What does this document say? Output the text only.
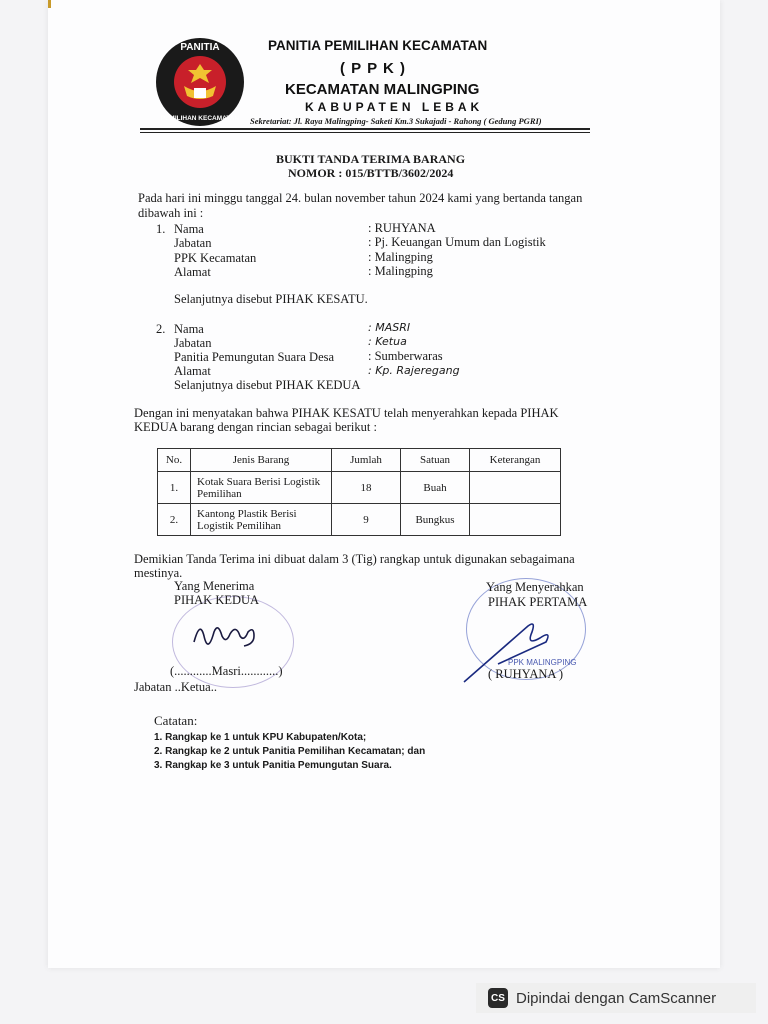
PANITIA
PEMILIHAN KECAMATAN
PANITIA PEMILIHAN KECAMATAN
( P P K )
KECAMATAN MALINGPING
KABUPATEN LEBAK
Sekretariat: Jl. Raya Malingping- Saketi Km.3 Sukajadi - Rahong ( Gedung PGRI)
BUKTI TANDA TERIMA BARANG
NOMOR : 015/BTTB/3602/2024
Pada hari ini minggu tanggal 24. bulan november tahun 2024 kami yang bertanda tangan
dibawah ini :
1. Nama	: RUHYANA
Jabatan	: Pj. Keuangan Umum dan Logistik
PPK Kecamatan	: Malingping
Alamat	: Malingping
Selanjutnya disebut PIHAK KESATU.
2. Nama	: MASRI
Jabatan	: Ketua
Panitia Pemungutan Suara Desa	: Sumberwaras
Alamat	: Kp. Rajeregang
Selanjutnya disebut PIHAK KEDUA
Dengan ini menyatakan bahwa PIHAK KESATU telah menyerahkan kepada PIHAK
KEDUA barang dengan rincian sebagai berikut :
No.	Jenis Barang	Jumlah	Satuan	Keterangan
1.	Kotak Suara Berisi Logistik
Pemilihan	18	Buah	
2.	Kantong Plastik Berisi
Logistik Pemilihan	9	Bungkus	
Demikian Tanda Terima ini dibuat dalam 3 (Tig) rangkap untuk digunakan sebagaimana
mestinya.
Yang Menerima
PIHAK KEDUA
(............Masri............)
Jabatan ..Ketua..
PPK MALINGPING
Yang Menyerahkan
PIHAK PERTAMA
( RUHYANA )
Catatan:
1. Rangkap ke 1 untuk KPU Kabupaten/Kota;
2. Rangkap ke 2 untuk Panitia Pemilihan Kecamatan; dan
3. Rangkap ke 3 untuk Panitia Pemungutan Suara.
CS Dipindai dengan CamScanner
